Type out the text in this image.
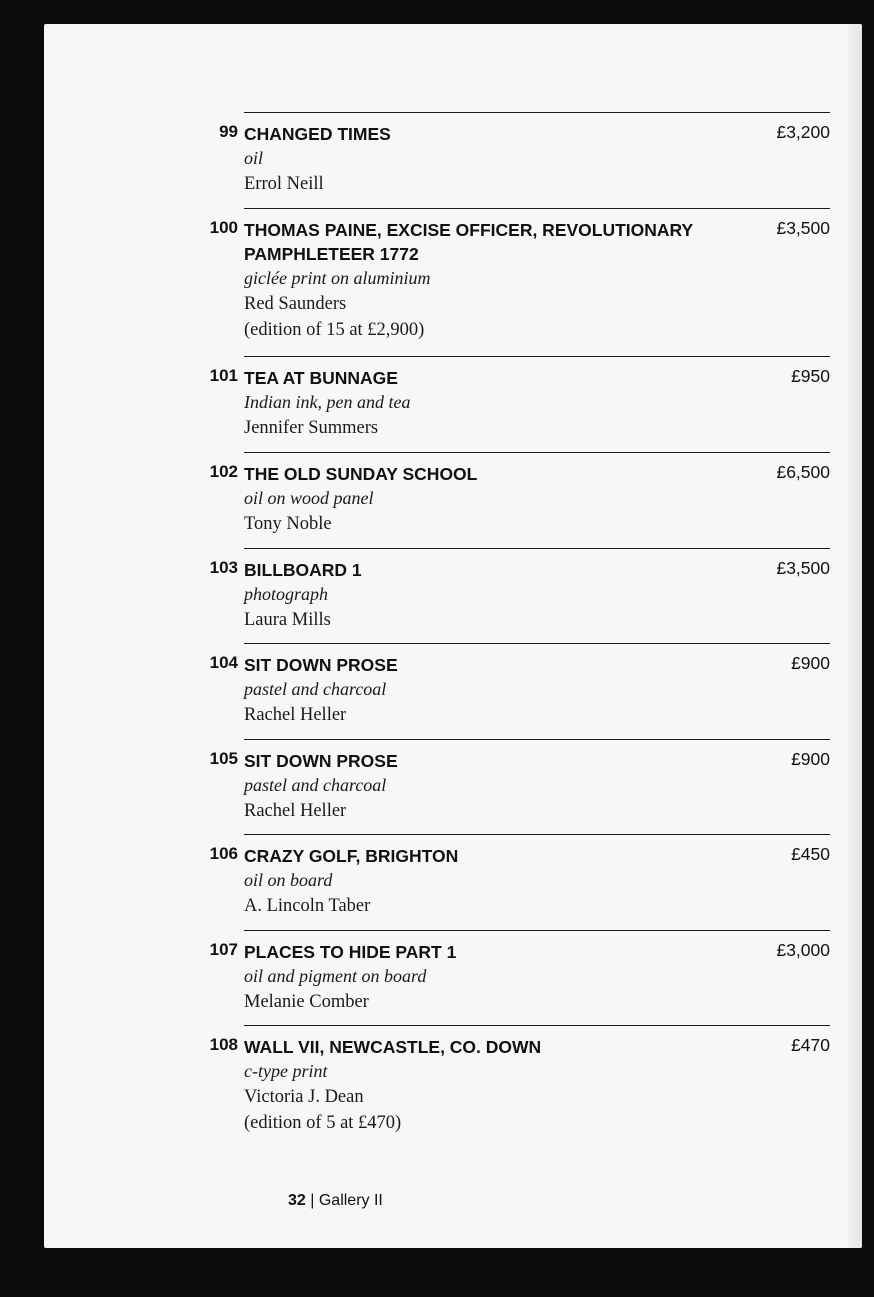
99 CHANGED TIMES
oil
Errol Neill
£3,200
100 THOMAS PAINE, EXCISE OFFICER, REVOLUTIONARY PAMPHLETEER 1772
giclée print on aluminium
Red Saunders
(edition of 15 at £2,900)
£3,500
101 TEA AT BUNNAGE
Indian ink, pen and tea
Jennifer Summers
£950
102 THE OLD SUNDAY SCHOOL
oil on wood panel
Tony Noble
£6,500
103 BILLBOARD 1
photograph
Laura Mills
£3,500
104 SIT DOWN PROSE
pastel and charcoal
Rachel Heller
£900
105 SIT DOWN PROSE
pastel and charcoal
Rachel Heller
£900
106 CRAZY GOLF, BRIGHTON
oil on board
A. Lincoln Taber
£450
107 PLACES TO HIDE PART 1
oil and pigment on board
Melanie Comber
£3,000
108 WALL VII, NEWCASTLE, CO. DOWN
c-type print
Victoria J. Dean
(edition of 5 at £470)
£470
32 | Gallery II
